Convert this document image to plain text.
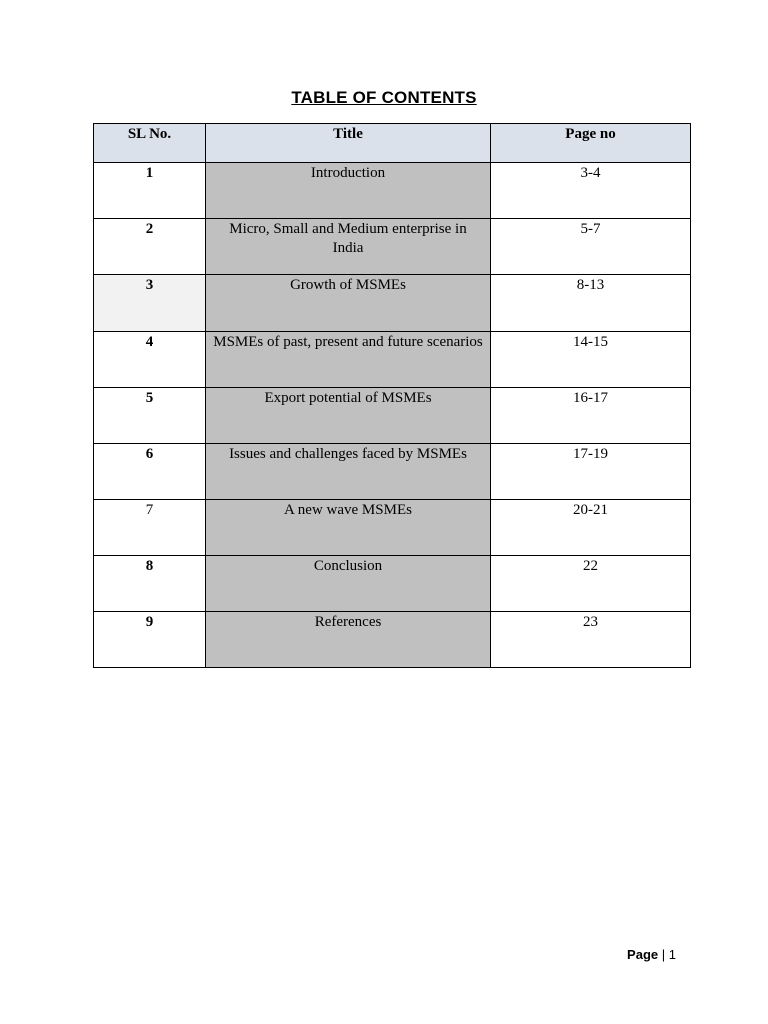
TABLE OF CONTENTS
SL No.	Title	Page no
1	Introduction	3-4
2	Micro, Small and Medium enterprise in India	5-7
3	Growth of MSMEs	8-13
4	MSMEs of past, present and future scenarios	14-15
5	Export potential of MSMEs	16-17
6	Issues and challenges faced by MSMEs	17-19
7	A new wave MSMEs	20-21
8	Conclusion	22
9	References	23
Page | 1
